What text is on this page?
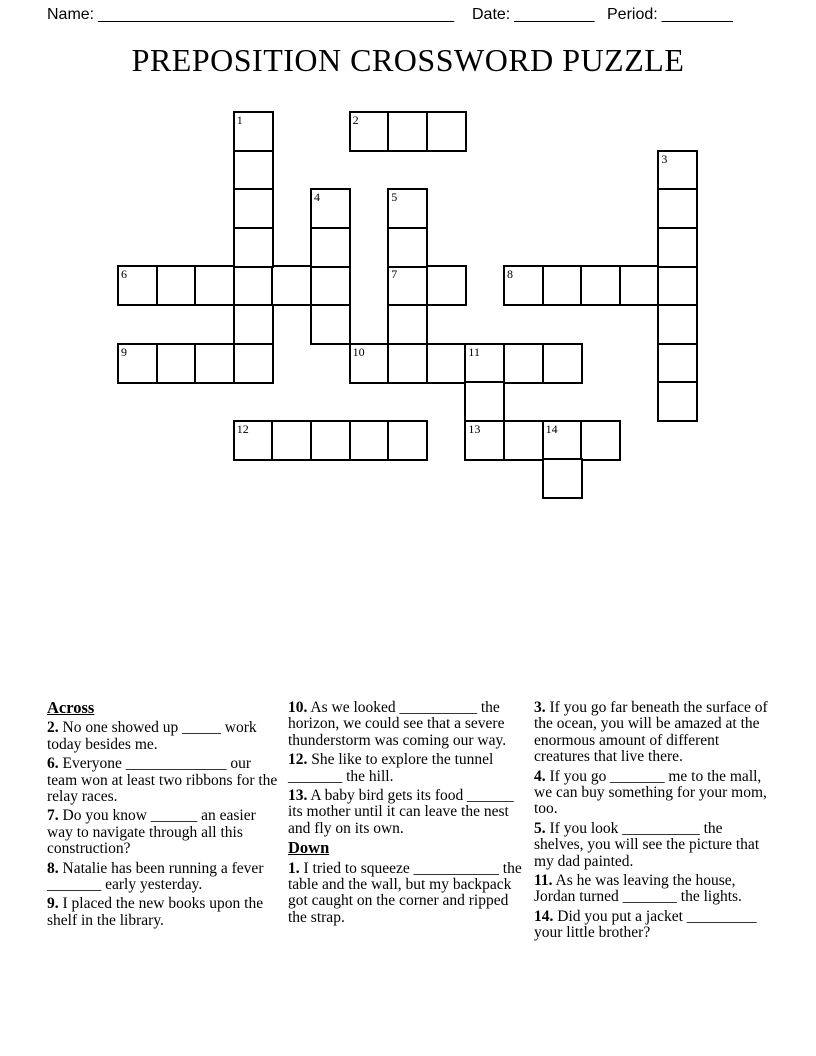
Name: ________________________________________ Date: _________ Period: ________
PREPOSITION CROSSWORD PUZZLE
2
6	7	8
9	10	11
12	13	14
1
3
4	5

Across

2. No one showed up _____ work today besides me.

6. Everyone _____________ our team won at least two ribbons for the relay races.

7. Do you know ______ an easier way to navigate through all this construction?

8. Natalie has been running a fever _______ early yesterday.

9. I placed the new books upon the shelf in the library.

10. As we looked __________ the horizon, we could see that a severe thunderstorm was coming our way.

12. She like to explore the tunnel _______ the hill.

13. A baby bird gets its food ______ its mother until it can leave the nest and fly on its own.

Down

1. I tried to squeeze ___________ the table and the wall, but my backpack got caught on the corner and ripped the strap.

3. If you go far beneath the surface of the ocean, you will be amazed at the enormous amount of different creatures that live there.

4. If you go _______ me to the mall, we can buy something for your mom, too.

5. If you look __________ the shelves, you will see the picture that my dad painted.

11. As he was leaving the house, Jordan turned _______ the lights.

14. Did you put a jacket _________ your little brother?
